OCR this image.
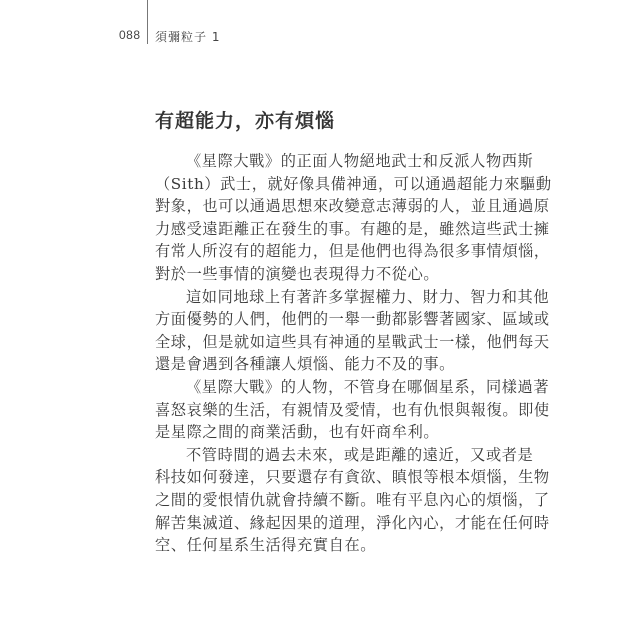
088 須彌粒子 1
有超能力，亦有煩惱
《星際大戰》的正面人物絕地武士和反派人物西斯
（Sith）武士，就好像具備神通，可以通過超能力來驅動
對象，也可以通過思想來改變意志薄弱的人，並且通過原
力感受遠距離正在發生的事。有趣的是，雖然這些武士擁
有常人所沒有的超能力，但是他們也得為很多事情煩惱，
對於一些事情的演變也表現得力不從心。
這如同地球上有著許多掌握權力、財力、智力和其他
方面優勢的人們，他們的一舉一動都影響著國家、區域或
全球，但是就如這些具有神通的星戰武士一樣，他們每天
還是會遇到各種讓人煩惱、能力不及的事。
《星際大戰》的人物，不管身在哪個星系，同樣過著
喜怒哀樂的生活，有親情及愛情，也有仇恨與報復。即使
是星際之間的商業活動，也有奸商牟利。
不管時間的過去未來，或是距離的遠近，又或者是
科技如何發達，只要還存有貪欲、瞋恨等根本煩惱，生物
之間的愛恨情仇就會持續不斷。唯有平息內心的煩惱，了
解苦集滅道、緣起因果的道理，淨化內心，才能在任何時
空、任何星系生活得充實自在。
